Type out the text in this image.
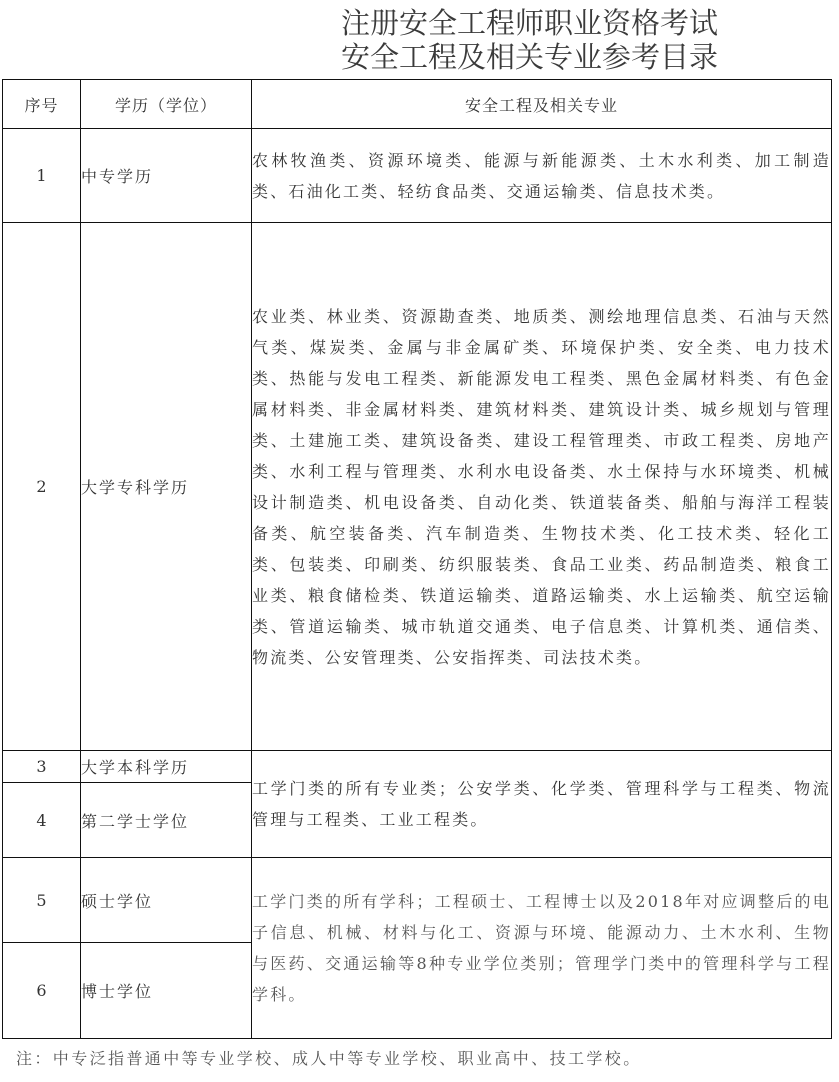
注册安全工程师职业资格考试
安全工程及相关专业参考目录
序号	学历（学位）	安全工程及相关专业
1	中专学历	农林牧渔类、资源环境类、能源与新能源类、土木水利类、加工制造类、石油化工类、轻纺食品类、交通运输类、信息技术类。
2	大学专科学历	农业类、林业类、资源勘查类、地质类、测绘地理信息类、石油与天然气类、煤炭类、金属与非金属矿类、环境保护类、安全类、电力技术类、热能与发电工程类、新能源发电工程类、黑色金属材料类、有色金属材料类、非金属材料类、建筑材料类、建筑设计类、城乡规划与管理类、土建施工类、建筑设备类、建设工程管理类、市政工程类、房地产类、水利工程与管理类、水利水电设备类、水土保持与水环境类、机械设计制造类、机电设备类、自动化类、铁道装备类、船舶与海洋工程装备类、航空装备类、汽车制造类、生物技术类、化工技术类、轻化工类、包装类、印刷类、纺织服装类、食品工业类、药品制造类、粮食工业类、粮食储检类、铁道运输类、道路运输类、水上运输类、航空运输类、管道运输类、城市轨道交通类、电子信息类、计算机类、通信类、物流类、公安管理类、公安指挥类、司法技术类。
3	大学本科学历	工学门类的所有专业类；公安学类、化学类、管理科学与工程类、物流管理与工程类、工业工程类。
4	第二学士学位	
5	硕士学位	工学门类的所有学科；工程硕士、工程博士以及2018年对应调整后的电子信息、机械、材料与化工、资源与环境、能源动力、土木水利、生物与医药、交通运输等8种专业学位类别；管理学门类中的管理科学与工程学科。
6	博士学位	
注：中专泛指普通中等专业学校、成人中等专业学校、职业高中、技工学校。
